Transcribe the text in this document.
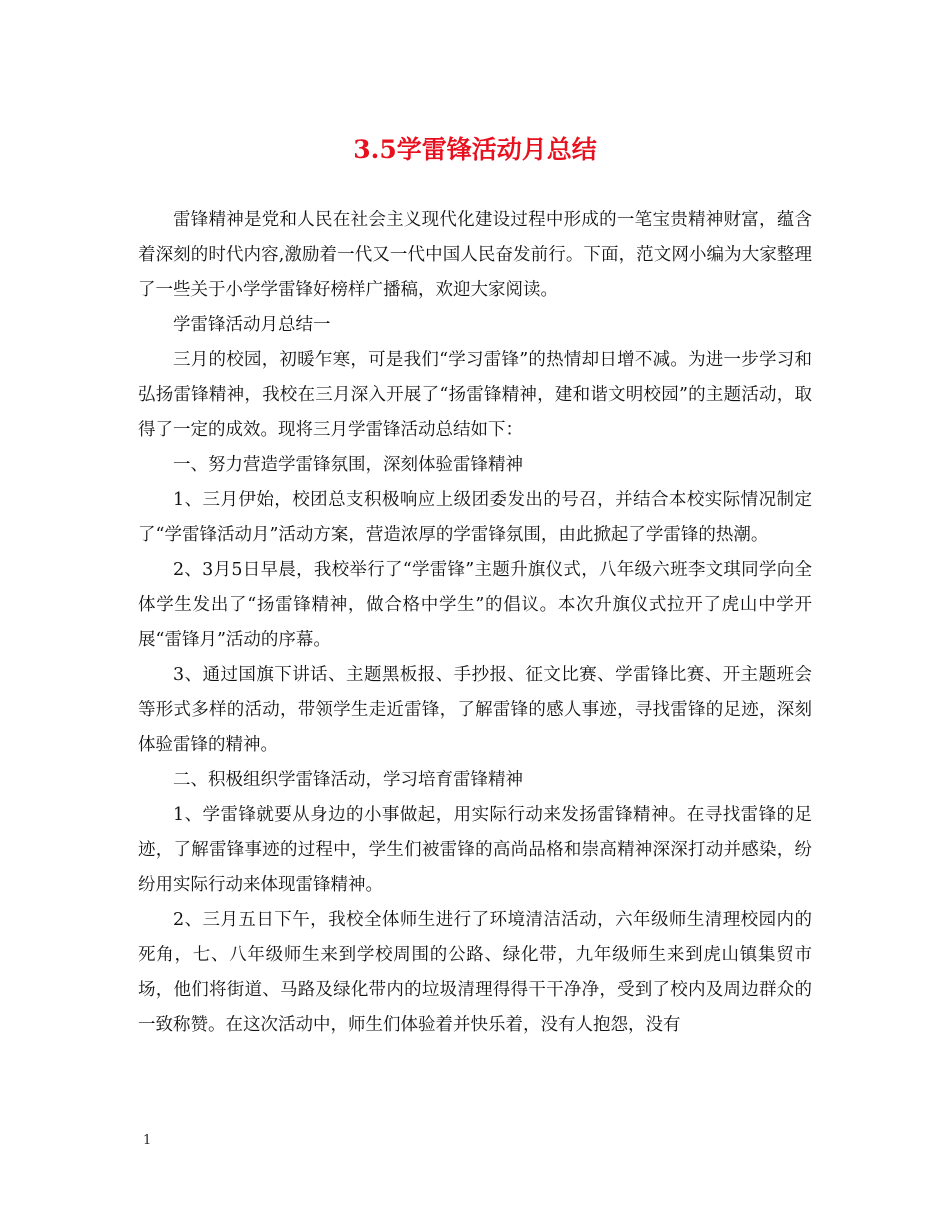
3.5学雷锋活动月总结

雷锋精神是党和人民在社会主义现代化建设过程中形成的一笔宝贵精神财富，蕴含着深刻的时代内容,激励着一代又一代中国人民奋发前行。下面，范文网小编为大家整理了一些关于小学学雷锋好榜样广播稿，欢迎大家阅读。

学雷锋活动月总结一

三月的校园，初暖乍寒，可是我们“学习雷锋”的热情却日增不减。为进一步学习和弘扬雷锋精神，我校在三月深入开展了“扬雷锋精神，建和谐文明校园”的主题活动，取得了一定的成效。现将三月学雷锋活动总结如下：

一、努力营造学雷锋氛围，深刻体验雷锋精神

1、三月伊始，校团总支积极响应上级团委发出的号召，并结合本校实际情况制定了“学雷锋活动月”活动方案，营造浓厚的学雷锋氛围，由此掀起了学雷锋的热潮。

2、3月5日早晨，我校举行了“学雷锋”主题升旗仪式，八年级六班李文琪同学向全体学生发出了“扬雷锋精神，做合格中学生”的倡议。本次升旗仪式拉开了虎山中学开展“雷锋月”活动的序幕。

3、通过国旗下讲话、主题黑板报、手抄报、征文比赛、学雷锋比赛、开主题班会等形式多样的活动，带领学生走近雷锋，了解雷锋的感人事迹，寻找雷锋的足迹，深刻体验雷锋的精神。

二、积极组织学雷锋活动，学习培育雷锋精神

1、学雷锋就要从身边的小事做起，用实际行动来发扬雷锋精神。在寻找雷锋的足迹，了解雷锋事迹的过程中，学生们被雷锋的高尚品格和崇高精神深深打动并感染，纷纷用实际行动来体现雷锋精神。

2、三月五日下午，我校全体师生进行了环境清洁活动，六年级师生清理校园内的死角，七、八年级师生来到学校周围的公路、绿化带，九年级师生来到虎山镇集贸市场，他们将街道、马路及绿化带内的垃圾清理得得干干净净，受到了校内及周边群众的一致称赞。在这次活动中，师生们体验着并快乐着，没有人抱怨，没有

1
